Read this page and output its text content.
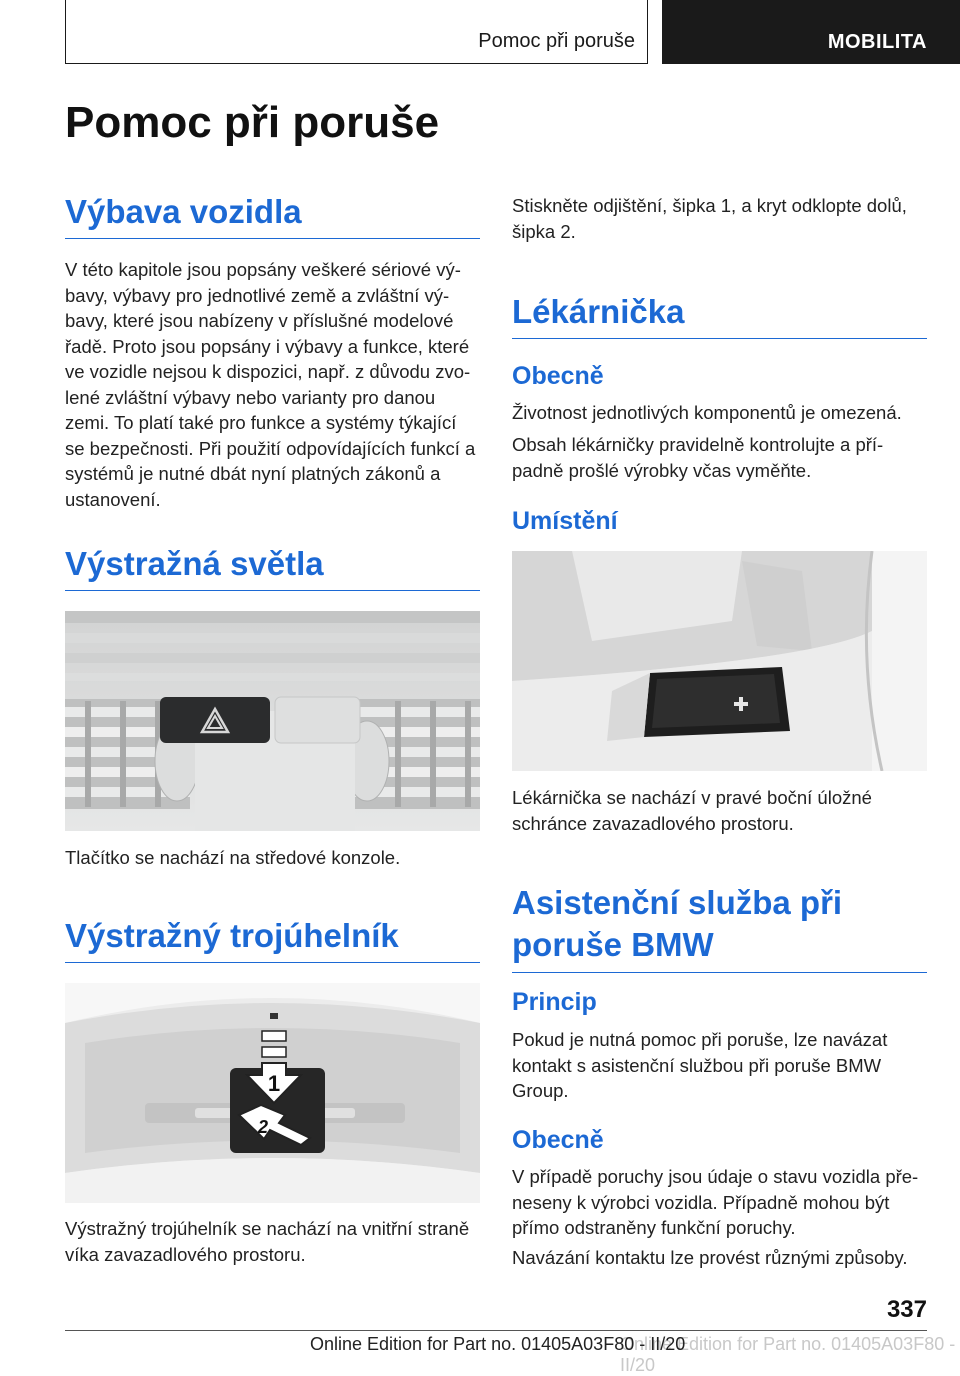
Pomoc při poruše	MOBILITA
Pomoc při poruše
Výbava vozidla

V této kapitole jsou popsány veškeré sériové vý‐
bavy, výbavy pro jednotlivé země a zvláštní vý‐
bavy, které jsou nabízeny v příslušné modelové
řadě. Proto jsou popsány i výbavy a funkce, které
ve vozidle nejsou k dispozici, např. z důvodu zvo‐
lené zvláštní výbavy nebo varianty pro danou
zemi. To platí také pro funkce a systémy týkající
se bezpečnosti. Při použití odpovídajících funkcí a
systémů je nutné dbát nyní platných zákonů a
ustanovení.

Výstražná světla

Tlačítko se nachází na středové konzole.

Výstražný trojúhelník
1
2

Výstražný trojúhelník se nachází na vnitřní straně
víka zavazadlového prostoru.

Stiskněte odjištění, šipka 1, a kryt odklopte dolů,
šipka 2.

Lékárnička
Obecně

Životnost jednotlivých komponentů je omezená.

Obsah lékárničky pravidelně kontrolujte a pří‐
padně prošlé výrobky včas vyměňte.

Umístění

Lékárnička se nachází v pravé boční úložné
schránce zavazadlového prostoru.

Asistenční služba při
poruše BMW
Princip

Pokud je nutná pomoc při poruše, lze navázat
kontakt s asistenční službou při poruše BMW
Group.

Obecně

V případě poruchy jsou údaje o stavu vozidla pře‐
neseny k výrobci vozidla. Případně mohou být
přímo odstraněny funkční poruchy.

Navázání kontaktu lze provést různými způsoby.

337
Online Edition for Part no. 01405A03F80 - II/20
Online Edition for Part no. 01405A03F80 - II/20
